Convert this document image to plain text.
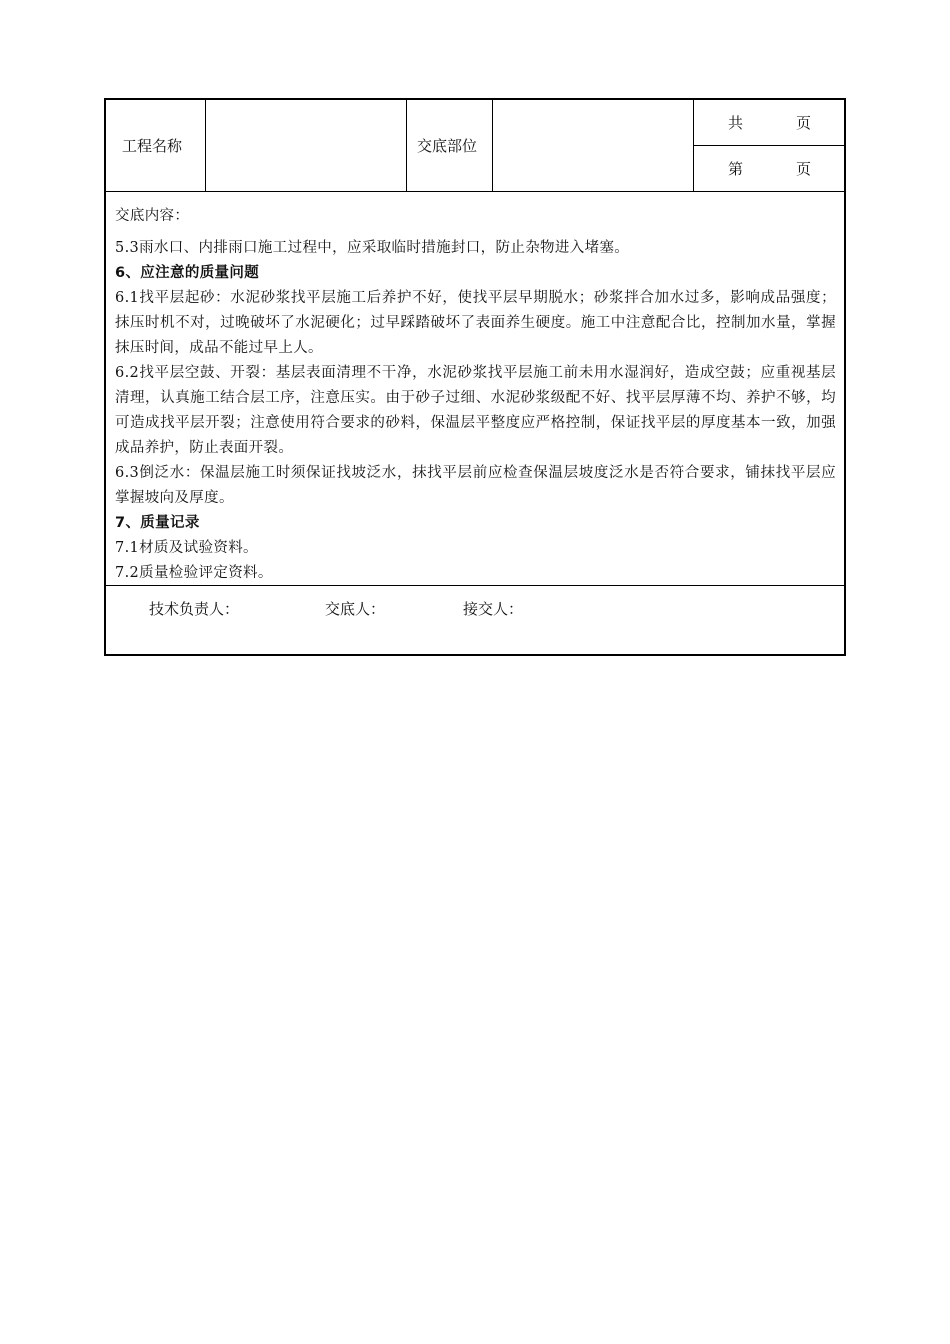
工程名称	交底部位
共	页
第	页

交底内容：

5.3雨水口、内排雨口施工过程中，应采取临时措施封口，防止杂物进入堵塞。

6、应注意的质量问题

6.1找平层起砂：水泥砂浆找平层施工后养护不好，使找平层早期脱水；砂浆拌合加水过多，影响成品强度；抹压时机不对，过晚破坏了水泥硬化；过早踩踏破坏了表面养生硬度。施工中注意配合比，控制加水量，掌握抹压时间，成品不能过早上人。

6.2找平层空鼓、开裂：基层表面清理不干净，水泥砂浆找平层施工前未用水湿润好，造成空鼓；应重视基层清理，认真施工结合层工序，注意压实。由于砂子过细、水泥砂浆级配不好、找平层厚薄不均、养护不够，均可造成找平层开裂；注意使用符合要求的砂料，保温层平整度应严格控制，保证找平层的厚度基本一致，加强成品养护，防止表面开裂。

6.3倒泛水：保温层施工时须保证找坡泛水，抹找平层前应检查保温层坡度泛水是否符合要求，铺抹找平层应掌握坡向及厚度。

7、质量记录

7.1材质及试验资料。

7.2质量检验评定资料。

技术负责人：	交底人：	接交人：
